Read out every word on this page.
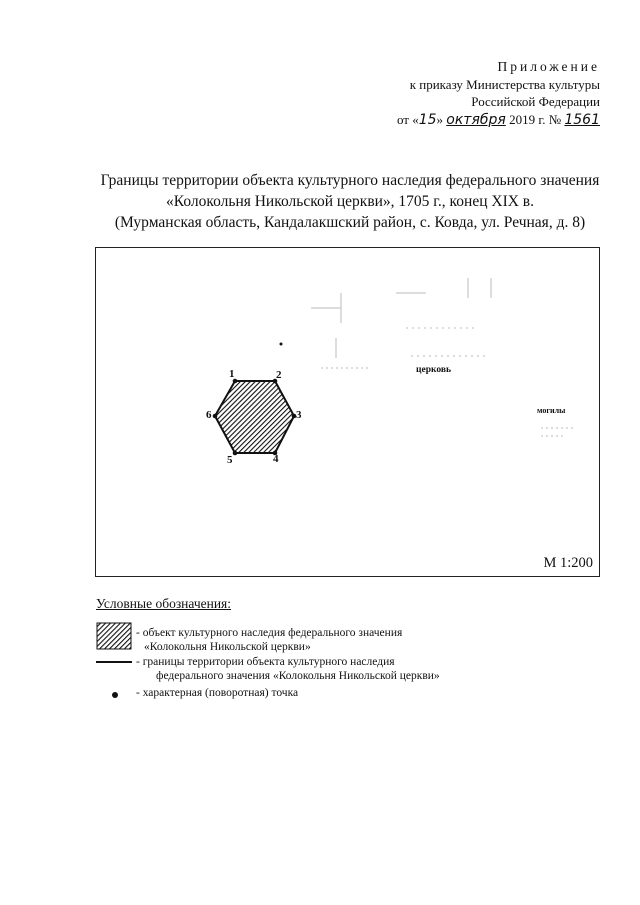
Приложение
к приказу Министерства культуры
Российской Федерации
от «15» октября 2019 г. № 1561
Границы территории объекта культурного наследия федерального значения
«Колокольня Никольской церкви», 1705 г., конец XIX в.
(Мурманская область, Кандалакшский район, с. Ковда, ул. Речная, д. 8)
1	2
3
4
5
6
церковь
могилы
М 1:200
Условные обозначения:
- объект культурного наследия федерального значения
«Колокольня Никольской церкви»
- границы территории объекта культурного наследия
федерального значения «Колокольня Никольской церкви»
- характерная (поворотная) точка
